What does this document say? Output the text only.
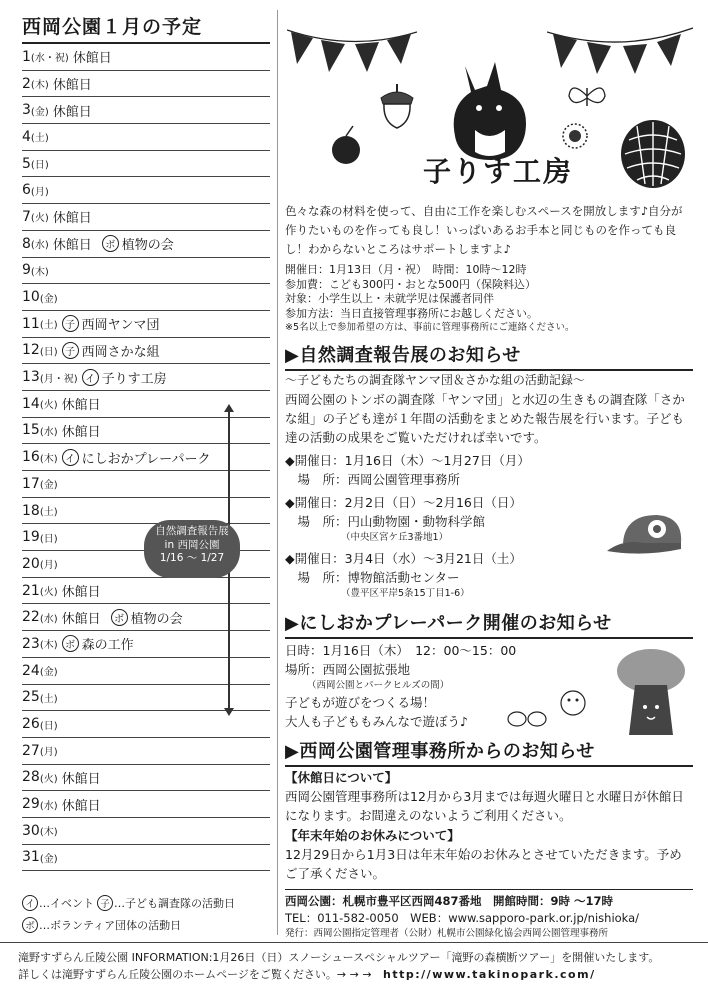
西岡公園１月の予定
1 (水・祝) 休館日
2 (木) 休館日
3 (金) 休館日
4 (土)
5 (日)
6 (月)
7 (火) 休館日
8 (水) 休館日	ボ 植物の会
9 (木)
10 (金)
11 (土) 子 西岡ヤンマ団
12 (日) 子 西岡さかな組
13 (月・祝) イ 子りす工房
14 (火) 休館日
15 (水) 休館日
16 (木) イ にしおかプレーパーク
17 (金)
18 (土)
19 (日)
20 (月)
21 (火) 休館日
22 (水) 休館日	ボ 植物の会
23 (木) ボ 森の工作
24 (金)
25 (土)
26 (日)
27 (月)
28 (火) 休館日
29 (水) 休館日
30 (木)
31 (金)
自然調査報告展
in 西岡公園
1/16 ～ 1/27
イ …イベント 子 …子ども調査隊の活動日
ボ …ボランティア団体の活動日
子りす工房
色々な森の材料を使って、自由に工作を楽しむスペースを開放します♪自分が作りたいものを作っても良し！いっぱいあるお手本と同じものを作っても良し！わからないところはサポートしますよ♪
開催日：1月13日（月・祝）　時間：10時～12時
参加費：こども300円・おとな500円（保険料込）
対象：小学生以上・未就学児は保護者同伴
参加方法：当日直接管理事務所にお越しください。
※5名以上で参加希望の方は、事前に管理事務所にご連絡ください。
▶自然調査報告展のお知らせ
～子どもたちの調査隊ヤンマ団＆さかな組の活動記録～
西岡公園のトンボの調査隊「ヤンマ団」と水辺の生きもの調査隊「さかな組」の子ども達が１年間の活動をまとめた報告展を行います。子ども達の活動の成果をご覧いただければ幸いです。
◆開催日：1月16日（木）～1月27日（月）
　場　所：西岡公園管理事務所
◆開催日：2月2日（日）～2月16日（日）
　場　所：円山動物園・動物科学館
（中央区宮ケ丘3番地1）
◆開催日：3月4日（水）～3月21日（土）
　場　所：博物館活動センター
（豊平区平岸5条15丁目1-6）
▶にしおかプレーパーク開催のお知らせ
日時：1月16日（木）　12：00～15：00
場所：西岡公園拡張地
（西岡公園とパークヒルズの間）
子どもが遊びをつくる場！
大人も子どももみんなで遊ぼう♪
▶西岡公園管理事務所からのお知らせ
【休館日について】
西岡公園管理事務所は12月から3月までは毎週火曜日と水曜日が休館日になります。お間違えのないようご利用ください。
【年末年始のお休みについて】
12月29日から1月3日は年末年始のお休みとさせていただきます。予めご了承ください。
西岡公園：札幌市豊平区西岡487番地　開館時間：9時 ～17時
TEL：011-582-0050　WEB：www.sapporo-park.or.jp/nishioka/
発行：西岡公園指定管理者（公財）札幌市公園緑化協会西岡公園管理事務所
滝野すずらん丘陵公園 INFORMATION:1月26日（日）スノーシュースペシャルツアー「滝野の森横断ツアー」を開催いたします。
詳しくは滝野すずらん丘陵公園のホームページをご覧ください。→ → → http://www.takinopark.com/
